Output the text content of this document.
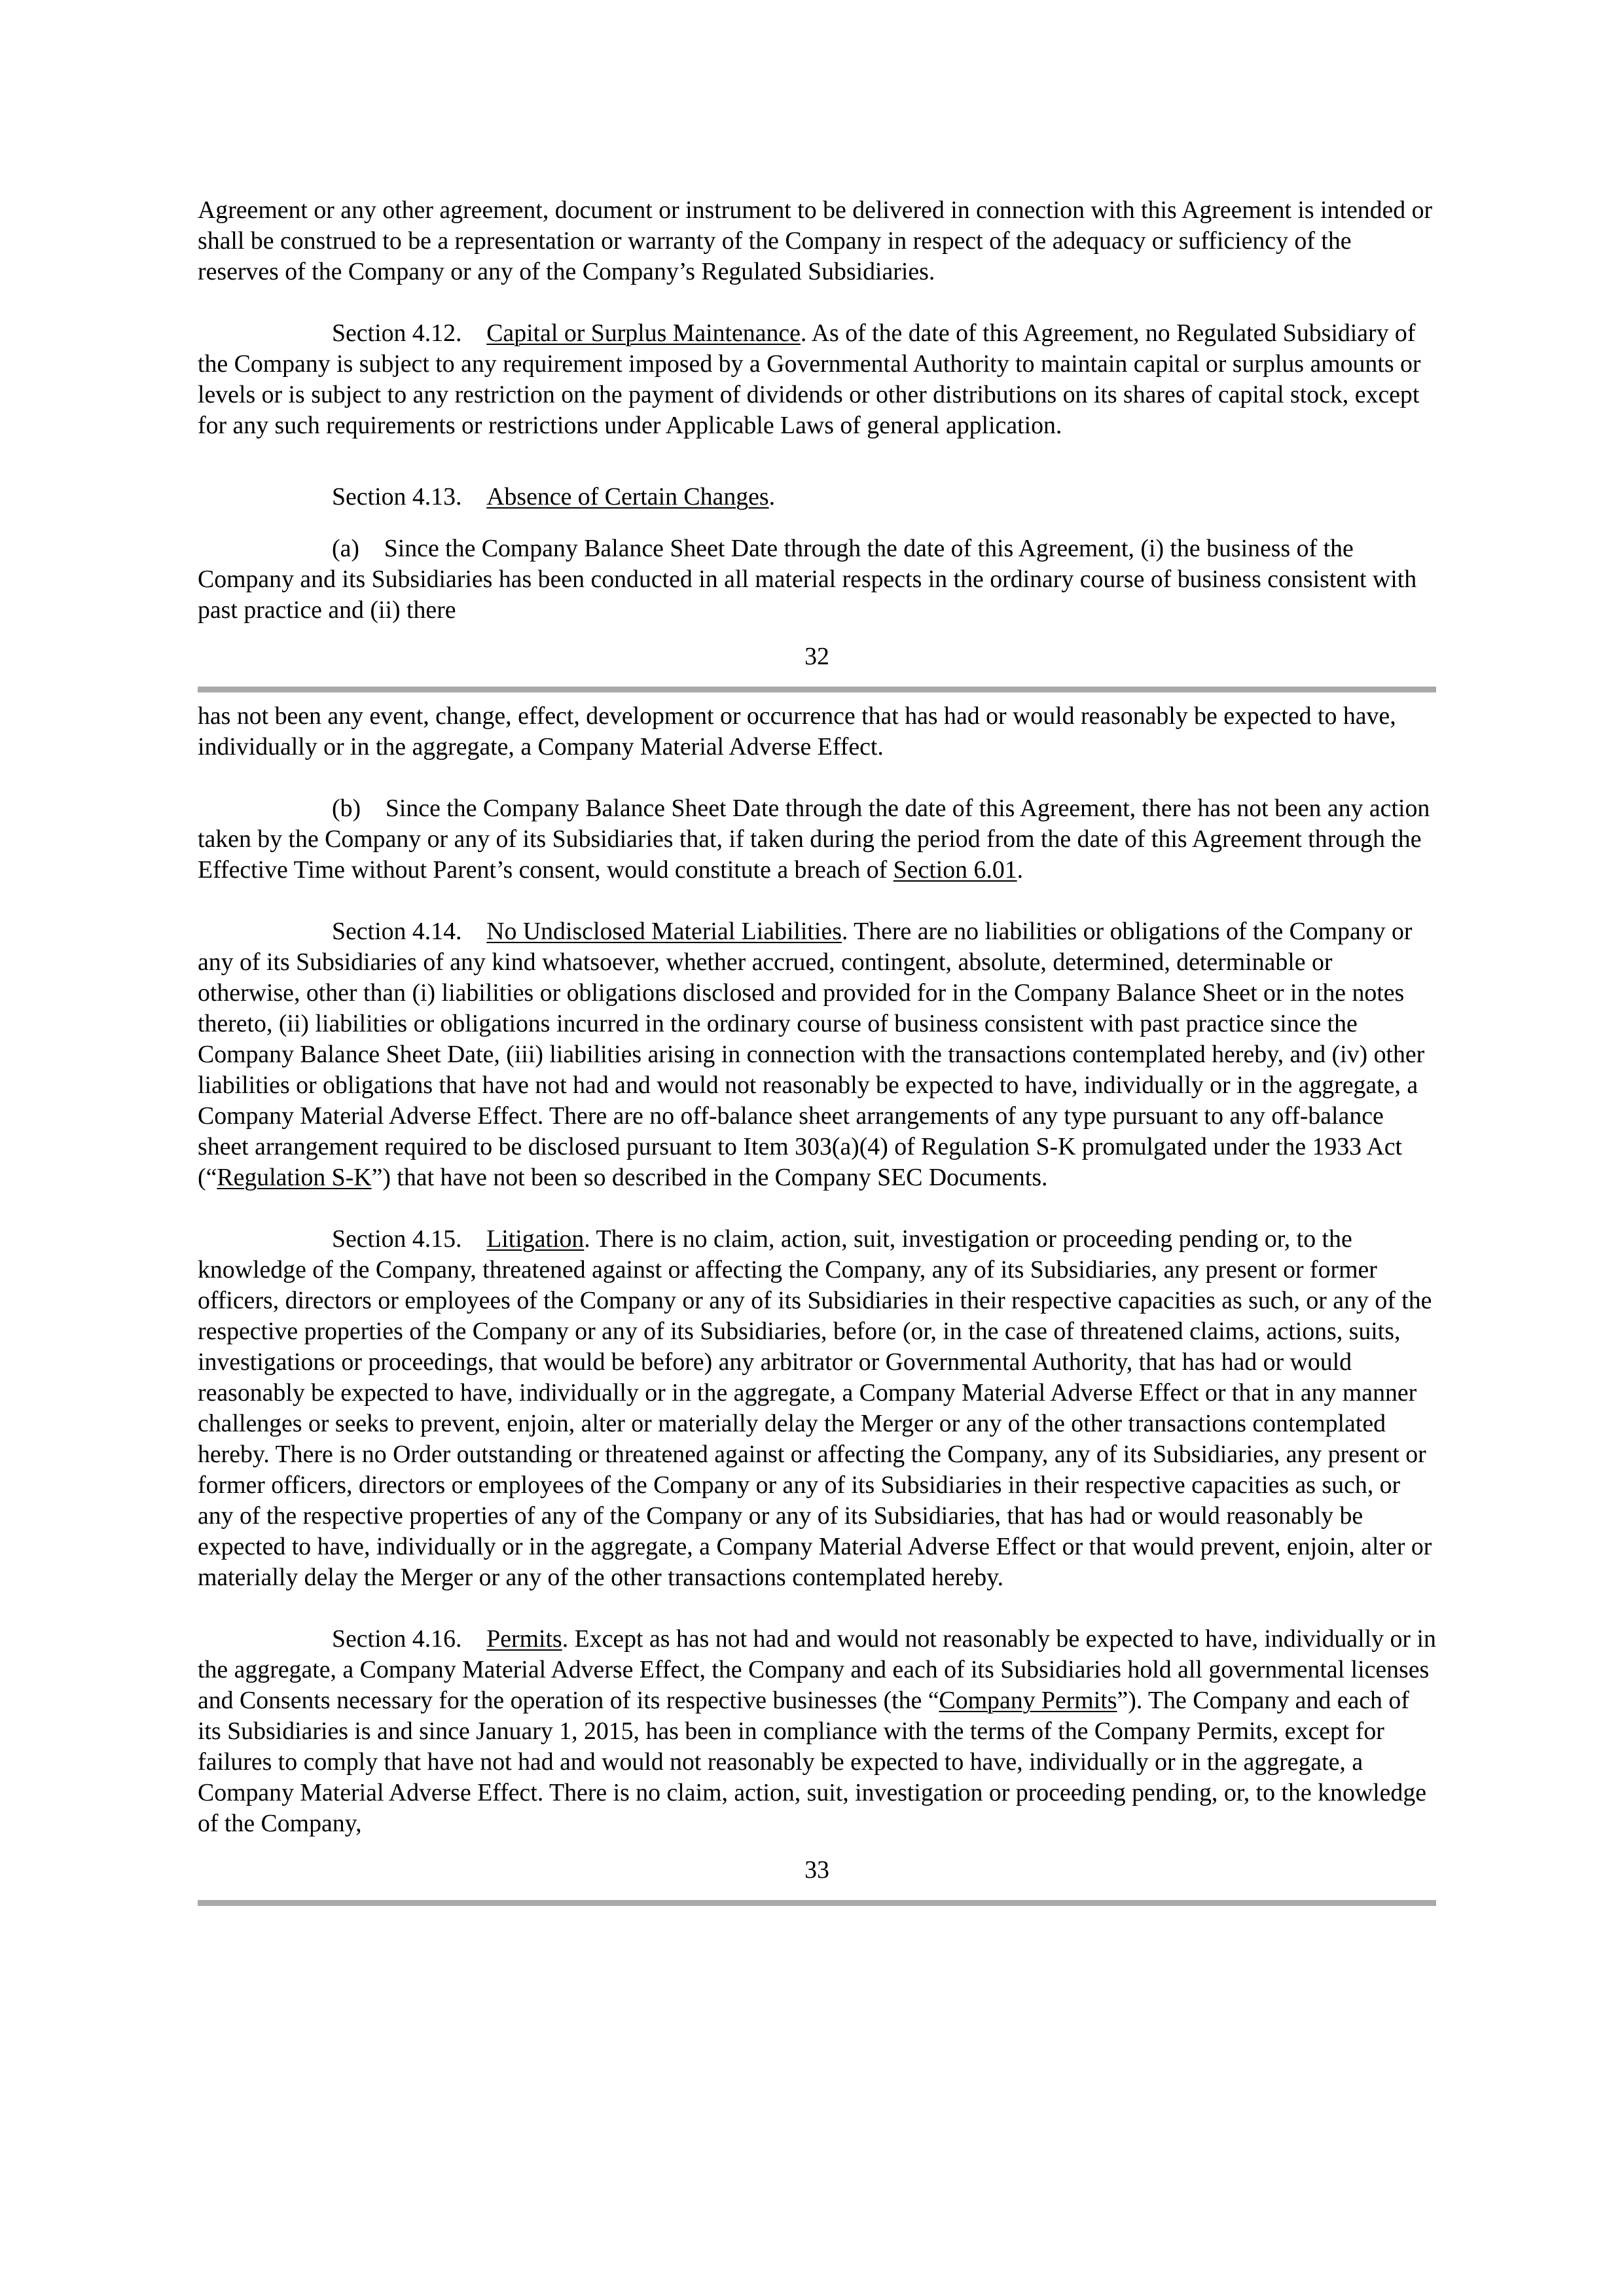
Agreement or any other agreement, document or instrument to be delivered in connection with this Agreement is intended or shall be construed to be a representation or warranty of the Company in respect of the adequacy or sufficiency of the reserves of the Company or any of the Company’s Regulated Subsidiaries.

Section 4.12. Capital or Surplus Maintenance. As of the date of this Agreement, no Regulated Subsidiary of the Company is subject to any requirement imposed by a Governmental Authority to maintain capital or surplus amounts or levels or is subject to any restriction on the payment of dividends or other distributions on its shares of capital stock, except for any such requirements or restrictions under Applicable Laws of general application.

Section 4.13. Absence of Certain Changes.

(a) Since the Company Balance Sheet Date through the date of this Agreement, (i) the business of the Company and its Subsidiaries has been conducted in all material respects in the ordinary course of business consistent with past practice and (ii) there

32

has not been any event, change, effect, development or occurrence that has had or would reasonably be expected to have, individually or in the aggregate, a Company Material Adverse Effect.

(b) Since the Company Balance Sheet Date through the date of this Agreement, there has not been any action taken by the Company or any of its Subsidiaries that, if taken during the period from the date of this Agreement through the Effective Time without Parent’s consent, would constitute a breach of Section 6.01.

Section 4.14. No Undisclosed Material Liabilities. There are no liabilities or obligations of the Company or any of its Subsidiaries of any kind whatsoever, whether accrued, contingent, absolute, determined, determinable or otherwise, other than (i) liabilities or obligations disclosed and provided for in the Company Balance Sheet or in the notes thereto, (ii) liabilities or obligations incurred in the ordinary course of business consistent with past practice since the Company Balance Sheet Date, (iii) liabilities arising in connection with the transactions contemplated hereby, and (iv) other liabilities or obligations that have not had and would not reasonably be expected to have, individually or in the aggregate, a Company Material Adverse Effect. There are no off-balance sheet arrangements of any type pursuant to any off-balance sheet arrangement required to be disclosed pursuant to Item 303(a)(4) of Regulation S-K promulgated under the 1933 Act (“Regulation S-K”) that have not been so described in the Company SEC Documents.

Section 4.15. Litigation. There is no claim, action, suit, investigation or proceeding pending or, to the knowledge of the Company, threatened against or affecting the Company, any of its Subsidiaries, any present or former officers, directors or employees of the Company or any of its Subsidiaries in their respective capacities as such, or any of the respective properties of the Company or any of its Subsidiaries, before (or, in the case of threatened claims, actions, suits, investigations or proceedings, that would be before) any arbitrator or Governmental Authority, that has had or would reasonably be expected to have, individually or in the aggregate, a Company Material Adverse Effect or that in any manner challenges or seeks to prevent, enjoin, alter or materially delay the Merger or any of the other transactions contemplated hereby. There is no Order outstanding or threatened against or affecting the Company, any of its Subsidiaries, any present or former officers, directors or employees of the Company or any of its Subsidiaries in their respective capacities as such, or any of the respective properties of any of the Company or any of its Subsidiaries, that has had or would reasonably be expected to have, individually or in the aggregate, a Company Material Adverse Effect or that would prevent, enjoin, alter or materially delay the Merger or any of the other transactions contemplated hereby.

Section 4.16. Permits. Except as has not had and would not reasonably be expected to have, individually or in the aggregate, a Company Material Adverse Effect, the Company and each of its Subsidiaries hold all governmental licenses and Consents necessary for the operation of its respective businesses (the “Company Permits”). The Company and each of its Subsidiaries is and since January 1, 2015, has been in compliance with the terms of the Company Permits, except for failures to comply that have not had and would not reasonably be expected to have, individually or in the aggregate, a Company Material Adverse Effect. There is no claim, action, suit, investigation or proceeding pending, or, to the knowledge of the Company,

33
